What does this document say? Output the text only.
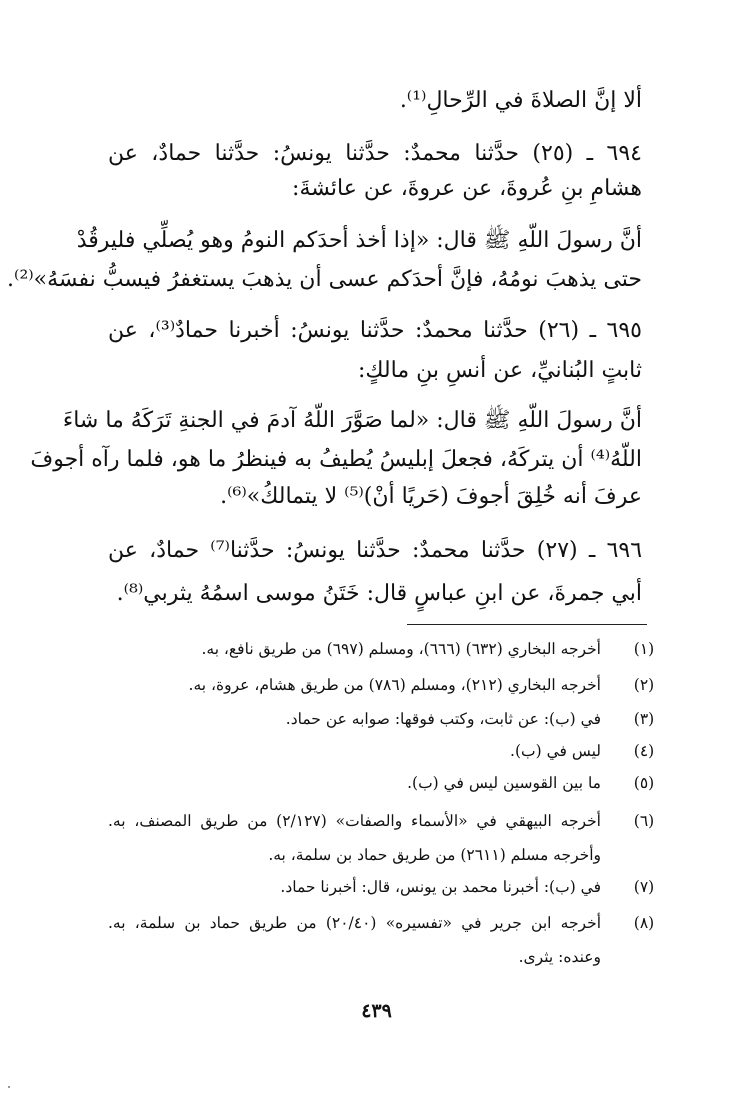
ألا إنَّ الصلاةَ في الرِّحالِ⁽¹⁾.
٦٩٤ ـ (٢٥) حدَّثنا محمدٌ: حدَّثنا يونسُ: حدَّثنا حمادٌ، عن
هشامِ بنِ عُروةَ، عن عروةَ، عن عائشةَ:
أنَّ رسولَ اللّهِ ﷺ قال: «إذا أخذ أحدَكم النومُ وهو يُصلِّي فليرقُدْ
حتى يذهبَ نومُهُ، فإنَّ أحدَكم عسى أن يذهبَ يستغفرُ فيسبُّ نفسَهُ»⁽²⁾.
٦٩٥ ـ (٢٦) حدَّثنا محمدٌ: حدَّثنا يونسُ: أخبرنا حمادٌ⁽³⁾، عن
ثابتٍ البُنانيِّ، عن أنسِ بنِ مالكٍ:
أنَّ رسولَ اللّهِ ﷺ قال: «لما صَوَّرَ اللّهُ آدمَ في الجنةِ تَرَكَهُ ما شاءَ
اللّهُ⁽⁴⁾ أن يتركَهُ، فجعلَ إبليسُ يُطيفُ به فينظرُ ما هو، فلما رآه أجوفَ
عرفَ أنه خُلِقَ أجوفَ (حَريًا أنْ)⁽⁵⁾ لا يتمالكُ»⁽⁶⁾.
٦٩٦ ـ (٢٧) حدَّثنا محمدٌ: حدَّثنا يونسُ: حدَّثنا⁽⁷⁾ حمادٌ، عن
أبي جمرةَ، عن ابنِ عباسٍ قال: خَتَنُ موسى اسمُهُ يثربي⁽⁸⁾.
(١)
أخرجه البخاري (٦٣٢) (٦٦٦)، ومسلم (٦٩٧) من طريق نافع، به.
(٢)
أخرجه البخاري (٢١٢)، ومسلم (٧٨٦) من طريق هشام، عروة، به.
(٣)
في (ب): عن ثابت، وكتب فوقها: صوابه عن حماد.
(٤)
ليس في (ب).
(٥)
ما بين القوسين ليس في (ب).
(٦)
أخرجه البيهقي في «الأسماء والصفات» (٢/١٢٧) من طريق المصنف، به.
وأخرجه مسلم (٢٦١١) من طريق حماد بن سلمة، به.
(٧)
في (ب): أخبرنا محمد بن يونس، قال: أخبرنا حماد.
(٨)
أخرجه ابن جرير في «تفسيره» (٢٠/٤٠) من طريق حماد بن سلمة، به.
وعنده: يثرى.
٤٣٩
